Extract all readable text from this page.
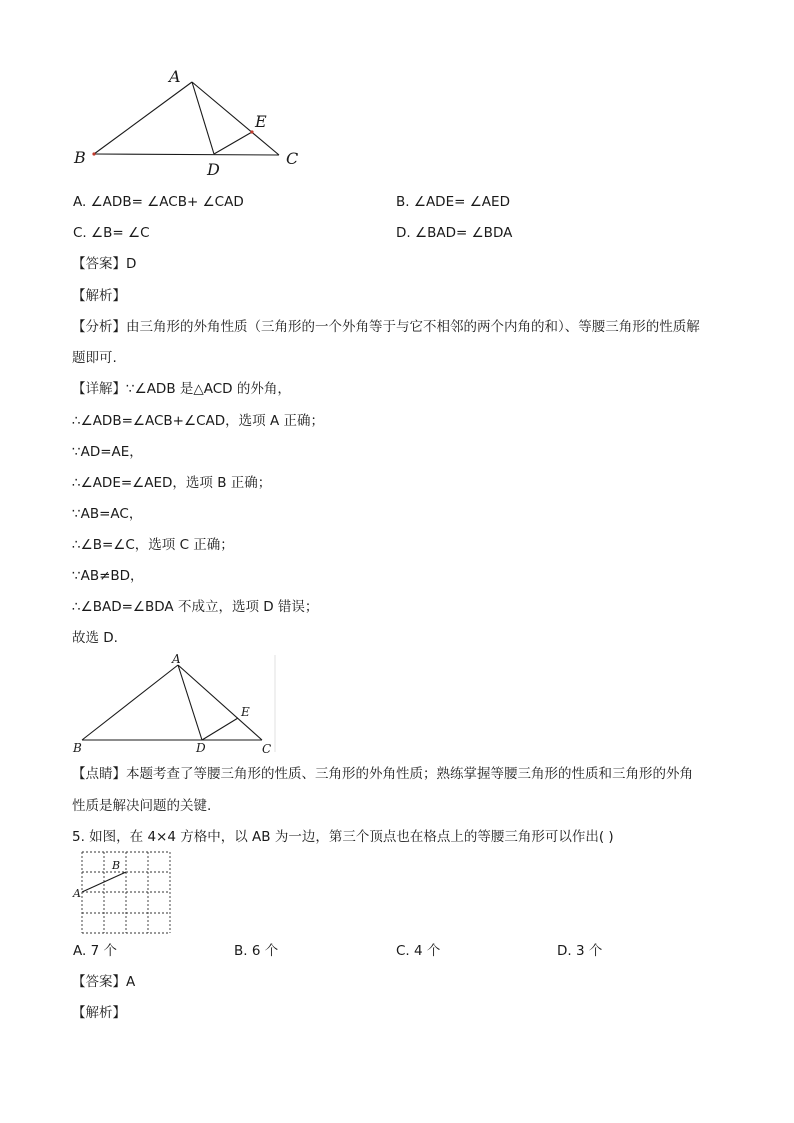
A
B	C
D
E
A. ∠ADB= ∠ACB+ ∠CAD	B. ∠ADE= ∠AED
C. ∠B= ∠C	D. ∠BAD= ∠BDA
【答案】D
【解析】
【分析】由三角形的外角性质（三角形的一个外角等于与它不相邻的两个内角的和）、等腰三角形的性质解
题即可.
【详解】∵∠ADB 是△ACD 的外角，
∴∠ADB=∠ACB+∠CAD，选项 A 正确；
∵AD=AE，
∴∠ADE=∠AED，选项 B 正确；
∵AB=AC，
∴∠B=∠C，选项 C 正确；
∵AB≠BD，
∴∠BAD=∠BDA 不成立，选项 D 错误；
故选 D.
A
B	C
D
E
【点睛】本题考查了等腰三角形的性质、三角形的外角性质；熟练掌握等腰三角形的性质和三角形的外角
性质是解决问题的关键.
5. 如图，在 4×4 方格中，以 AB 为一边，第三个顶点也在格点上的等腰三角形可以作出( )
A
B
A. 7 个	B. 6 个	C. 4 个	D. 3 个
【答案】A
【解析】
